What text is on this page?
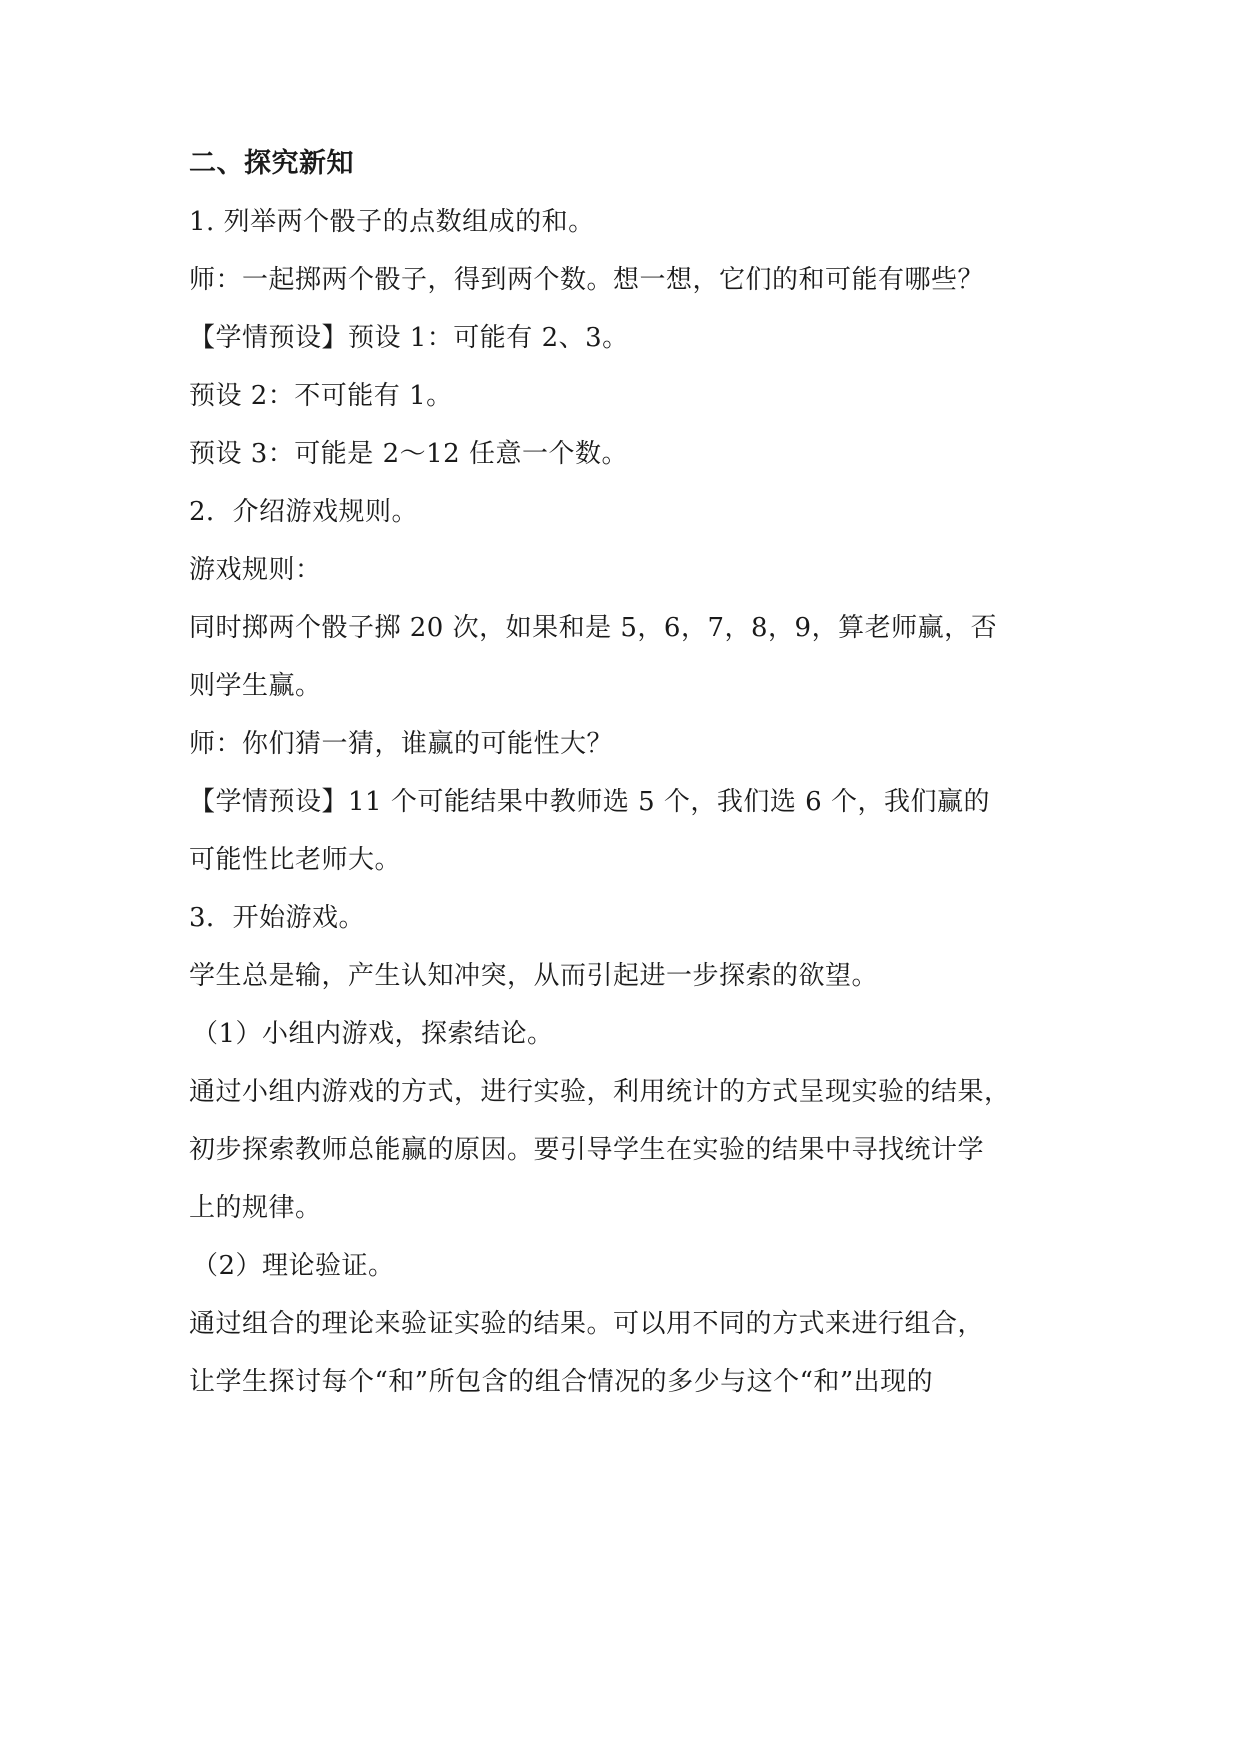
二、探究新知
1. 列举两个骰子的点数组成的和。
师：一起掷两个骰子，得到两个数。想一想，它们的和可能有哪些？
【学情预设】预设 1：可能有 2、3。
预设 2：不可能有 1。
预设 3：可能是 2～12 任意一个数。
2．介绍游戏规则。
游戏规则：
同时掷两个骰子掷 20 次，如果和是 5，6，7，8，9，算老师赢，否
则学生赢。
师：你们猜一猜，谁赢的可能性大？
【学情预设】11 个可能结果中教师选 5 个，我们选 6 个，我们赢的
可能性比老师大。
3．开始游戏。
学生总是输，产生认知冲突，从而引起进一步探索的欲望。
（1）小组内游戏，探索结论。
通过小组内游戏的方式，进行实验，利用统计的方式呈现实验的结果，
初步探索教师总能赢的原因。要引导学生在实验的结果中寻找统计学
上的规律。
（2）理论验证。
通过组合的理论来验证实验的结果。可以用不同的方式来进行组合，
让学生探讨每个“和”所包含的组合情况的多少与这个“和”出现的
